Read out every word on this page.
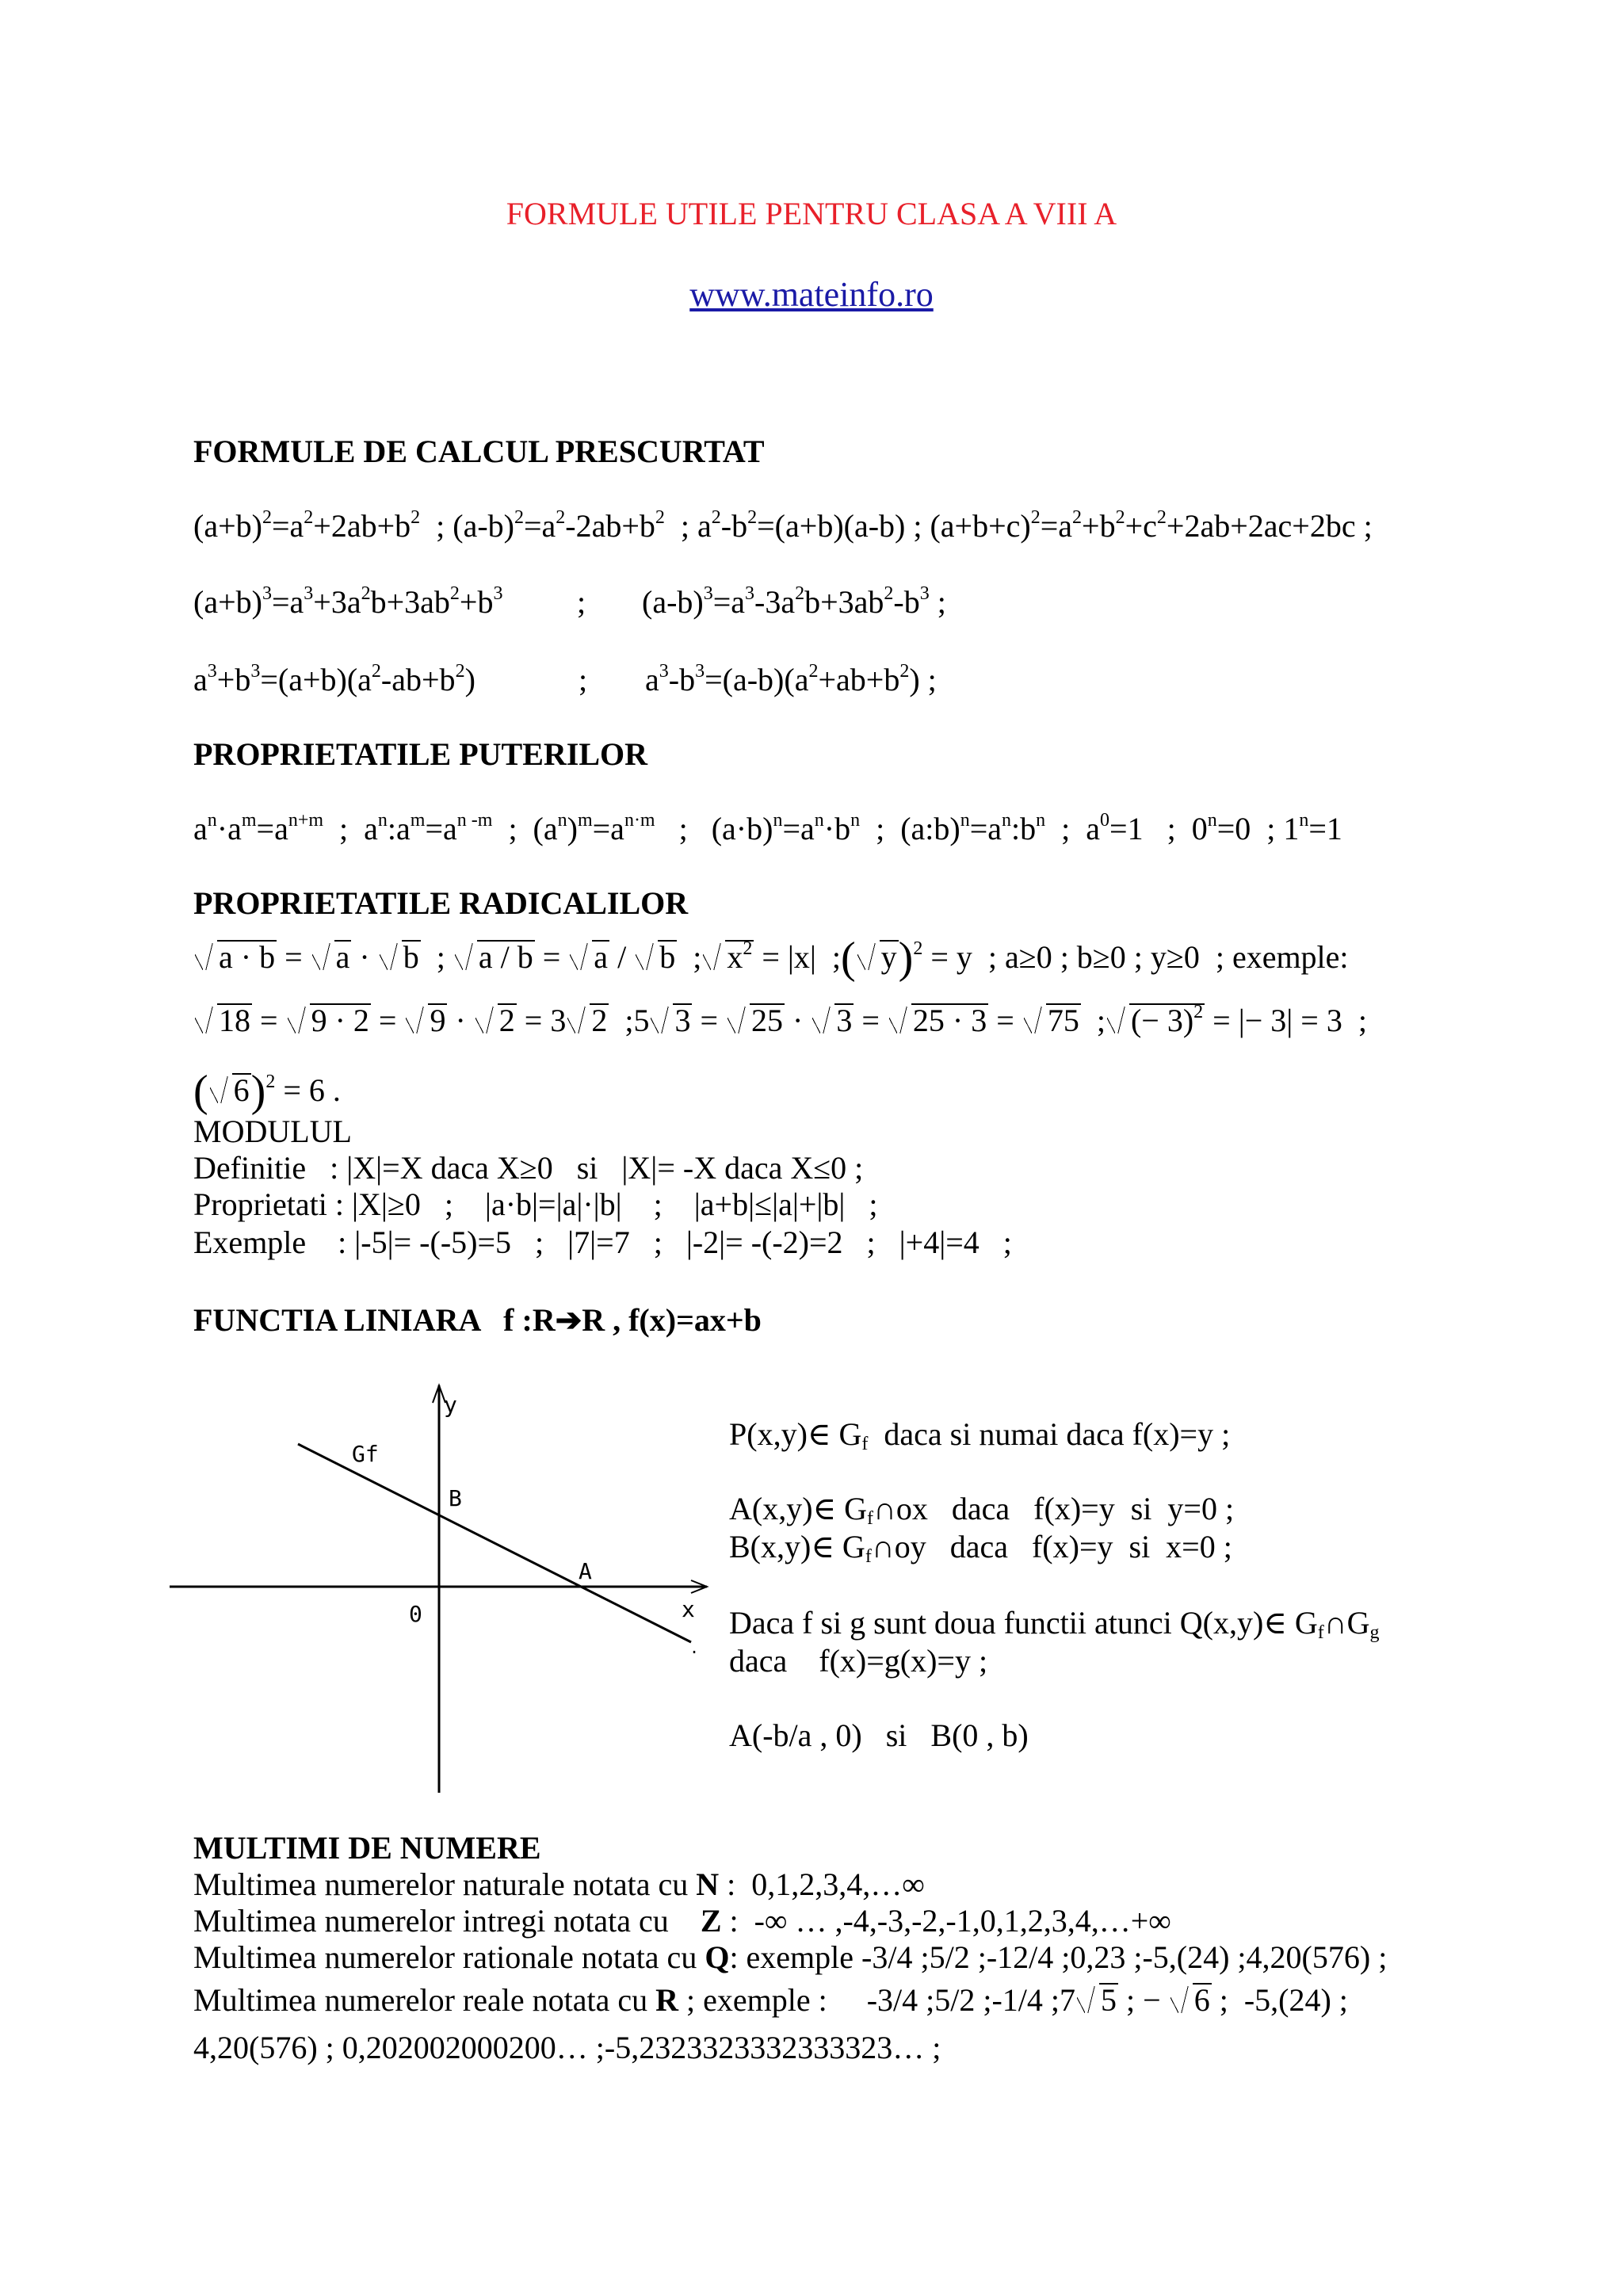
FORMULE UTILE PENTRU CLASA A VIII A
www.mateinfo.ro
FORMULE DE CALCUL PRESCURTAT
$(a+b)^2=a^2+2ab+b^2$  ; $(a-b)^2=a^2-2ab+b^2$  ; $a^2-b^2=(a+b)(a-b)$ ; $(a+b+c)^2=a^2+b^2+c^2+2ab+2ac+2bc$ ;
$(a+b)^3=a^3+3a^2b+3ab^2+b^3$ ; $(a-b)^3=a^3-3a^2b+3ab^2-b^3$ ;
$a^3+b^3=(a+b)(a^2-ab+b^2)$	; $a^3-b^3=(a-b)(a^2+ab+b^2)$ ;
PROPRIETATILE PUTERILOR
$a^n\cdot a^m=a^{n+m}$  ;  $a^n:a^m=a^{n -m}$  ;  $(a^n)^m=a^{n\cdot m}$   ;   $(a\cdot b)^n=a^n\cdot b^n$  ;  $(a:b)^n=a^n:b^n$  ;  $a^0=1$   ;  $0^n=0$  ; $1^n=1$
PROPRIETATILE RADICALILOR
a · b = a · b  ; a / b = a / b  ; $x^2 = |x|$  ;( y)$^2$ = y  ; a≥0 ; b≥0 ; y≥0  ; exemple:
18 = 9 · 2 = 9 · 2 = 3 2  ;5 3 = 25 · 3 = 25 · 3 = 75  ; (− 3)$^2$ = |− 3| = 3  ;
( 6)$^2$ = 6 .
MODULUL
Definitie   : |X|=X daca X≥0   si   |X|= -X daca X≤0 ;
Proprietati : |X|≥0   ;    |a·b|=|a|·|b|    ;    |a+b|≤|a|+|b|   ;
Exemple    : |-5|= -(-5)=5   ;   |7|=7   ;   |-2|= -(-2)=2   ;   |+4|=4   ;
FUNCTIA LINIARA   f :R➔R , f(x)=ax+b
y
x
0
Gf
B
A
.
P(x,y)∈ $G_f$ daca si numai daca f(x)=y ;
A(x,y)∈ $G_f\cap ox$   daca   f(x)=y  si  y=0 ;
B(x,y)∈ $G_f\cap oy$   daca   f(x)=y  si  x=0 ;
Daca f si g sunt doua functii atunci Q(x,y)∈ $G_f\cap G_g$
daca    f(x)=g(x)=y ;
A(-b/a , 0)   si   B(0 , b)
MULTIMI DE NUMERE
Multimea numerelor naturale notata cu N :  0,1,2,3,4,…∞
Multimea numerelor intregi notata cu    Z :  -∞ … ,-4,-3,-2,-1,0,1,2,3,4,…+∞
Multimea numerelor rationale notata cu Q: exemple -3/4 ;5/2 ;-12/4 ;0,23 ;-5,(24) ;4,20(576) ;
Multimea numerelor reale notata cu R ; exemple :     -3/4 ;5/2 ;-1/4 ;7 5 ; − 6 ;  -5,(24) ;
4,20(576) ; 0,202002000200… ;-5,2323323332333323… ;
